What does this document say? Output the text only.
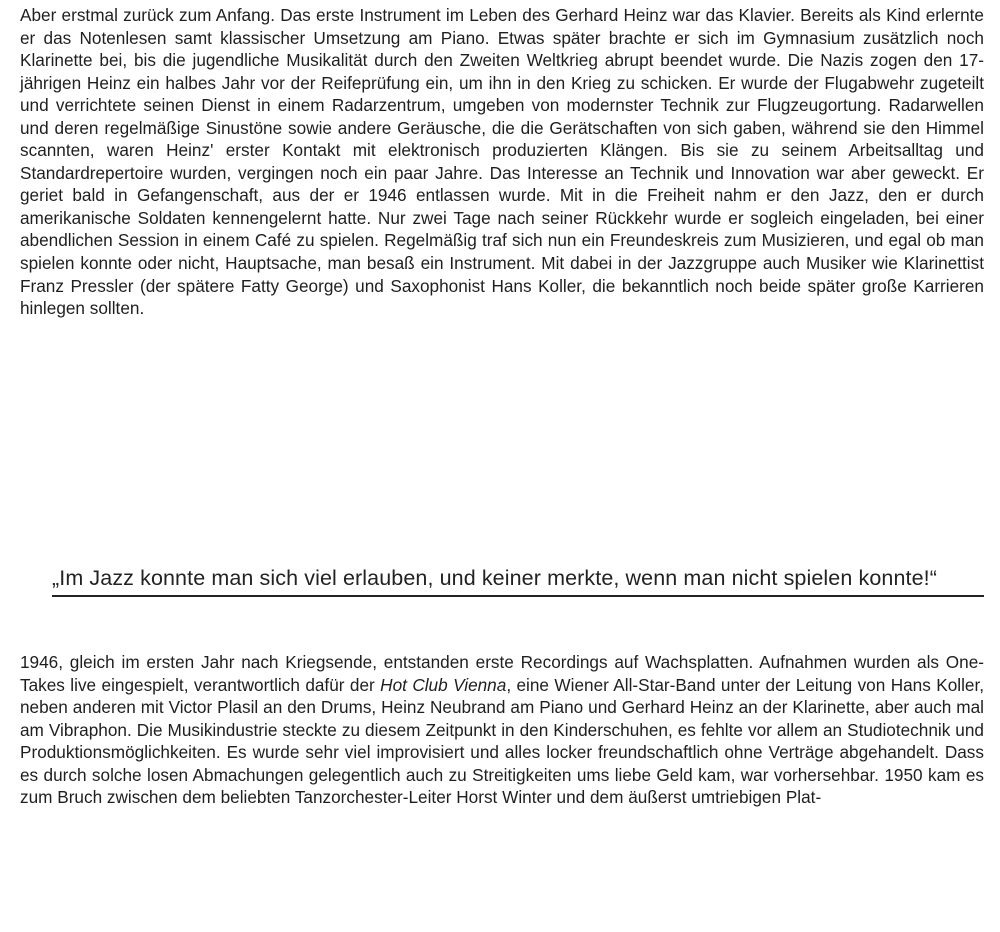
Aber erstmal zurück zum Anfang. Das erste Instrument im Leben des Gerhard Heinz war das Klavier. Bereits als Kind erlernte er das Notenlesen samt klassischer Umsetzung am Piano. Etwas später brachte er sich im Gymnasium zusätzlich noch Klarinette bei, bis die jugendliche Musikalität durch den Zweiten Weltkrieg abrupt beendet wurde. Die Nazis zogen den 17-jährigen Heinz ein halbes Jahr vor der Reifeprüfung ein, um ihn in den Krieg zu schicken. Er wurde der Flugabwehr zugeteilt und verrichtete seinen Dienst in einem Radarzentrum, umgeben von modernster Technik zur Flugzeugortung. Radarwellen und deren regelmäßige Sinustöne sowie andere Geräusche, die die Gerätschaften von sich gaben, während sie den Himmel scannten, waren Heinz' erster Kontakt mit elektronisch produzierten Klängen. Bis sie zu seinem Arbeitsalltag und Standardrepertoire wurden, vergingen noch ein paar Jahre. Das Interesse an Technik und Innovation war aber geweckt. Er geriet bald in Gefangenschaft, aus der er 1946 entlassen wurde. Mit in die Freiheit nahm er den Jazz, den er durch amerikanische Soldaten kennengelernt hatte. Nur zwei Tage nach seiner Rückkehr wurde er sogleich eingeladen, bei einer abendlichen Session in einem Café zu spielen. Regelmäßig traf sich nun ein Freundeskreis zum Musizieren, und egal ob man spielen konnte oder nicht, Hauptsache, man besaß ein Instrument. Mit dabei in der Jazzgruppe auch Musiker wie Klarinettist Franz Pressler (der spätere Fatty George) und Saxophonist Hans Koller, die bekanntlich noch beide später große Karrieren hinlegen sollten.

„Im Jazz konnte man sich viel erlauben, und keiner merkte, wenn man nicht spielen konnte!“

1946, gleich im ersten Jahr nach Kriegsende, entstanden erste Recordings auf Wachsplatten. Aufnahmen wurden als One-Takes live eingespielt, verantwortlich dafür der Hot Club Vienna, eine Wiener All-Star-Band unter der Leitung von Hans Koller, neben anderen mit Victor Plasil an den Drums, Heinz Neubrand am Piano und Gerhard Heinz an der Klarinette, aber auch mal am Vibraphon. Die Musikindustrie steckte zu diesem Zeitpunkt in den Kinderschuhen, es fehlte vor allem an Studiotechnik und Produktionsmöglichkeiten. Es wurde sehr viel improvisiert und alles locker freundschaftlich ohne Verträge abgehandelt. Dass es durch solche losen Abmachungen gelegentlich auch zu Streitigkeiten ums liebe Geld kam, war vorhersehbar. 1950 kam es zum Bruch zwischen dem beliebten Tanzorchester-Leiter Horst Winter und dem äußerst umtriebigen Plat-
